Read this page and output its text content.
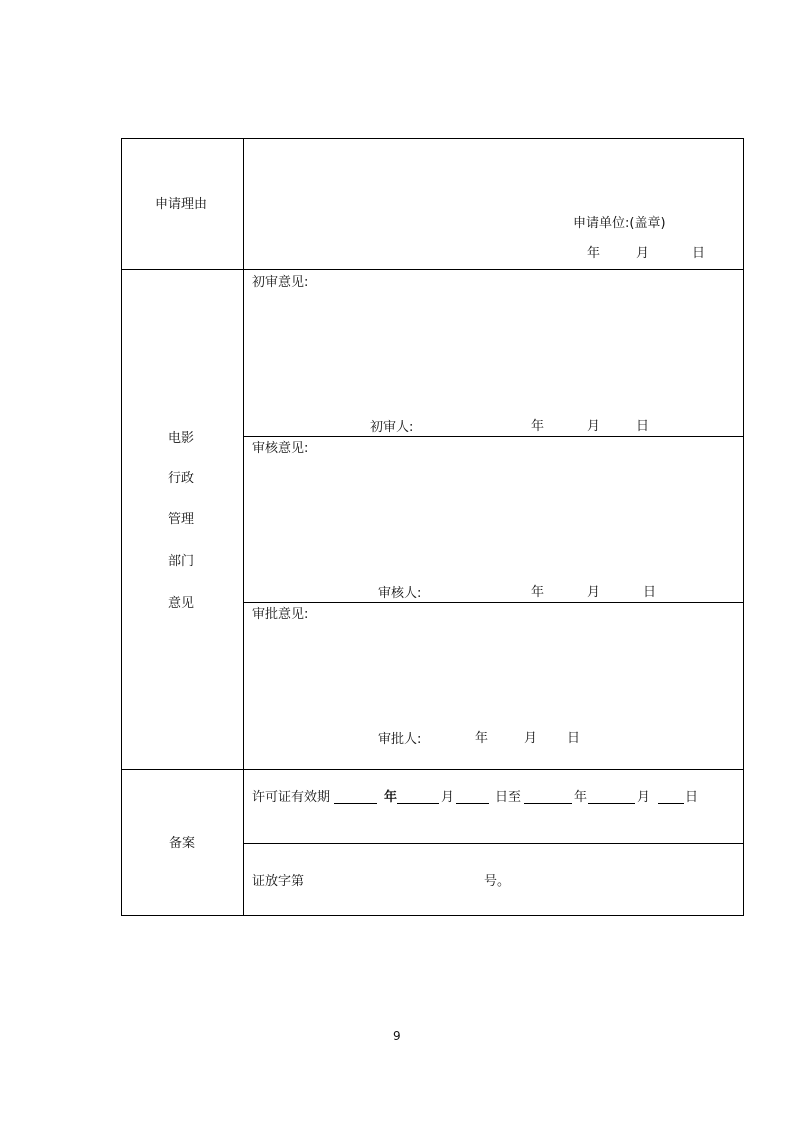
申请理由
申请单位:(盖章)
年	月	日
电影
行政
管理
部门
意见
初审意见:
初审人:	年	月	日
审核意见:
审核人:	年	月	日
审批意见:
审批人:	年	月 日
备案
许可证有效期	年	月	日至	年	月	日
证放字第	号。
9
